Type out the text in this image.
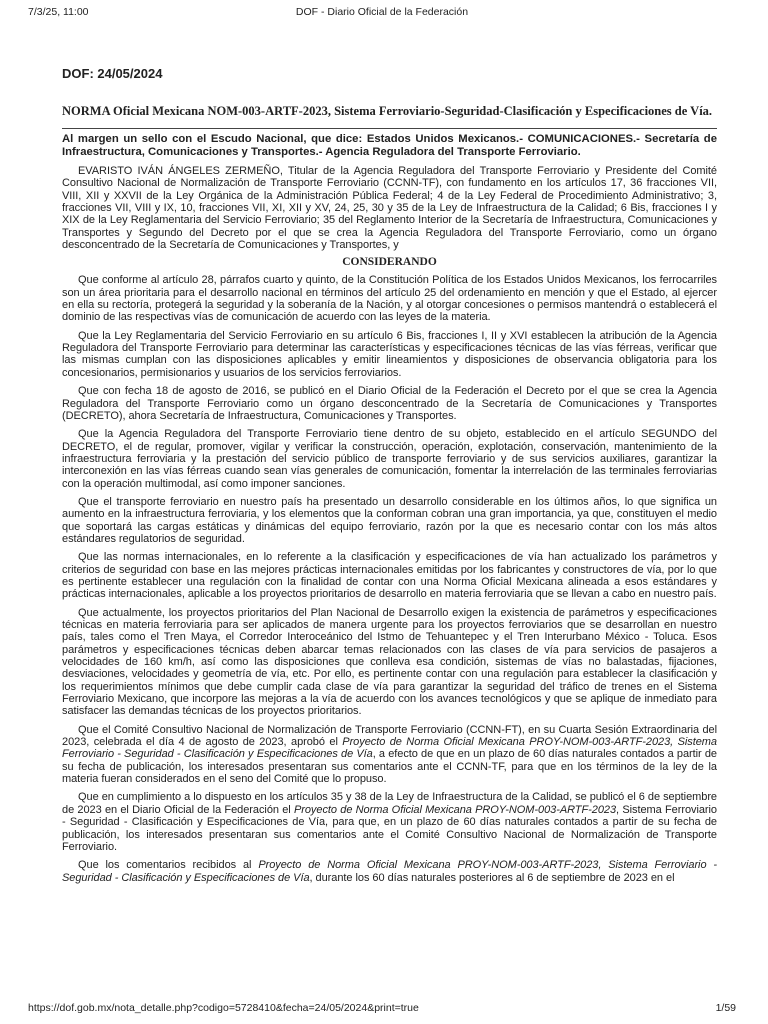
7/3/25, 11:00	DOF - Diario Oficial de la Federación
DOF: 24/05/2024
NORMA Oficial Mexicana NOM-003-ARTF-2023, Sistema Ferroviario-Seguridad-Clasificación y Especificaciones de Vía.
Al margen un sello con el Escudo Nacional, que dice: Estados Unidos Mexicanos.- COMUNICACIONES.- Secretaría de Infraestructura, Comunicaciones y Transportes.- Agencia Reguladora del Transporte Ferroviario.

EVARISTO IVÁN ÁNGELES ZERMEÑO, Titular de la Agencia Reguladora del Transporte Ferroviario y Presidente del Comité Consultivo Nacional de Normalización de Transporte Ferroviario (CCNN-TF), con fundamento en los artículos 17, 36 fracciones VII, VIII, XII y XXVII de la Ley Orgánica de la Administración Pública Federal; 4 de la Ley Federal de Procedimiento Administrativo; 3, fracciones VII, VIII y IX, 10, fracciones VII, XI, XII y XV, 24, 25, 30 y 35 de la Ley de Infraestructura de la Calidad; 6 Bis, fracciones I y XIX de la Ley Reglamentaria del Servicio Ferroviario; 35 del Reglamento Interior de la Secretaría de Infraestructura, Comunicaciones y Transportes y Segundo del Decreto por el que se crea la Agencia Reguladora del Transporte Ferroviario, como un órgano desconcentrado de la Secretaría de Comunicaciones y Transportes, y

CONSIDERANDO

Que conforme al artículo 28, párrafos cuarto y quinto, de la Constitución Política de los Estados Unidos Mexicanos, los ferrocarriles son un área prioritaria para el desarrollo nacional en términos del artículo 25 del ordenamiento en mención y que el Estado, al ejercer en ella su rectoría, protegerá la seguridad y la soberanía de la Nación, y al otorgar concesiones o permisos mantendrá o establecerá el dominio de las respectivas vías de comunicación de acuerdo con las leyes de la materia.

Que la Ley Reglamentaria del Servicio Ferroviario en su artículo 6 Bis, fracciones I, II y XVI establecen la atribución de la Agencia Reguladora del Transporte Ferroviario para determinar las características y especificaciones técnicas de las vías férreas, verificar que las mismas cumplan con las disposiciones aplicables y emitir lineamientos y disposiciones de observancia obligatoria para los concesionarios, permisionarios y usuarios de los servicios ferroviarios.

Que con fecha 18 de agosto de 2016, se publicó en el Diario Oficial de la Federación el Decreto por el que se crea la Agencia Reguladora del Transporte Ferroviario como un órgano desconcentrado de la Secretaría de Comunicaciones y Transportes (DECRETO), ahora Secretaría de Infraestructura, Comunicaciones y Transportes.

Que la Agencia Reguladora del Transporte Ferroviario tiene dentro de su objeto, establecido en el artículo SEGUNDO del DECRETO, el de regular, promover, vigilar y verificar la construcción, operación, explotación, conservación, mantenimiento de la infraestructura ferroviaria y la prestación del servicio público de transporte ferroviario y de sus servicios auxiliares, garantizar la interconexión en las vías férreas cuando sean vías generales de comunicación, fomentar la interrelación de las terminales ferroviarias con la operación multimodal, así como imponer sanciones.

Que el transporte ferroviario en nuestro país ha presentado un desarrollo considerable en los últimos años, lo que significa un aumento en la infraestructura ferroviaria, y los elementos que la conforman cobran una gran importancia, ya que, constituyen el medio que soportará las cargas estáticas y dinámicas del equipo ferroviario, razón por la que es necesario contar con los más altos estándares regulatorios de seguridad.

Que las normas internacionales, en lo referente a la clasificación y especificaciones de vía han actualizado los parámetros y criterios de seguridad con base en las mejores prácticas internacionales emitidas por los fabricantes y constructores de vía, por lo que es pertinente establecer una regulación con la finalidad de contar con una Norma Oficial Mexicana alineada a esos estándares y prácticas internacionales, aplicable a los proyectos prioritarios de desarrollo en materia ferroviaria que se llevan a cabo en nuestro país.

Que actualmente, los proyectos prioritarios del Plan Nacional de Desarrollo exigen la existencia de parámetros y especificaciones técnicas en materia ferroviaria para ser aplicados de manera urgente para los proyectos ferroviarios que se desarrollan en nuestro país, tales como el Tren Maya, el Corredor Interoceánico del Istmo de Tehuantepec y el Tren Interurbano México - Toluca. Esos parámetros y especificaciones técnicas deben abarcar temas relacionados con las clases de vía para servicios de pasajeros a velocidades de 160 km/h, así como las disposiciones que conlleva esa condición, sistemas de vías no balastadas, fijaciones, desviaciones, velocidades y geometría de vía, etc. Por ello, es pertinente contar con una regulación para establecer la clasificación y los requerimientos mínimos que debe cumplir cada clase de vía para garantizar la seguridad del tráfico de trenes en el Sistema Ferroviario Mexicano, que incorpore las mejoras a la vía de acuerdo con los avances tecnológicos y que se aplique de inmediato para satisfacer las demandas técnicas de los proyectos prioritarios.

Que el Comité Consultivo Nacional de Normalización de Transporte Ferroviario (CCNN-FT), en su Cuarta Sesión Extraordinaria del 2023, celebrada el día 4 de agosto de 2023, aprobó el Proyecto de Norma Oficial Mexicana PROY-NOM-003-ARTF-2023, Sistema Ferroviario - Seguridad - Clasificación y Especificaciones de Vía, a efecto de que en un plazo de 60 días naturales contados a partir de su fecha de publicación, los interesados presentaran sus comentarios ante el CCNN-TF, para que en los términos de la ley de la materia fueran considerados en el seno del Comité que lo propuso.

Que en cumplimiento a lo dispuesto en los artículos 35 y 38 de la Ley de Infraestructura de la Calidad, se publicó el 6 de septiembre de 2023 en el Diario Oficial de la Federación el Proyecto de Norma Oficial Mexicana PROY-NOM-003-ARTF-2023, Sistema Ferroviario - Seguridad - Clasificación y Especificaciones de Vía, para que, en un plazo de 60 días naturales contados a partir de su fecha de publicación, los interesados presentaran sus comentarios ante el Comité Consultivo Nacional de Normalización de Transporte Ferroviario.

Que los comentarios recibidos al Proyecto de Norma Oficial Mexicana PROY-NOM-003-ARTF-2023, Sistema Ferroviario - Seguridad - Clasificación y Especificaciones de Vía, durante los 60 días naturales posteriores al 6 de septiembre de 2023 en el

https://dof.gob.mx/nota_detalle.php?codigo=5728410&fecha=24/05/2024&print=true	1/59
